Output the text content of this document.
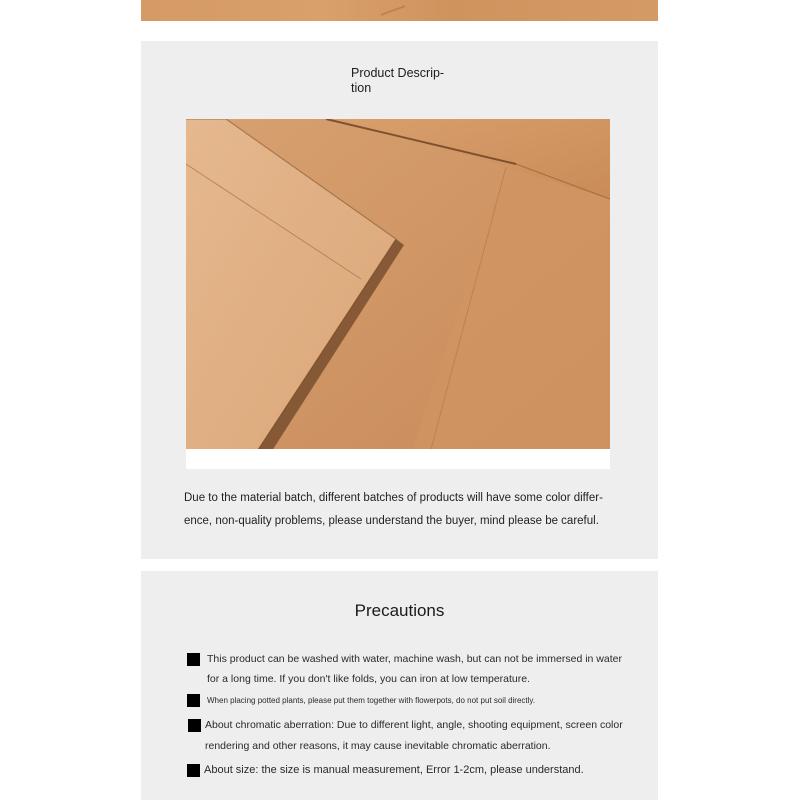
Product Descrip-
tion

Due to the material batch, different batches of products will have some color differ-ence, non-quality problems, please understand the buyer, mind please be careful.

Precautions
This product can be washed with water, machine wash, but can not be immersed in water for a long time. If you don't like folds, you can iron at low temperature.
When placing potted plants, please put them together with flowerpots, do not put soil directly.
About chromatic aberration: Due to different light, angle, shooting equipment, screen color rendering and other reasons, it may cause inevitable chromatic aberration.
About size: the size is manual measurement, Error 1-2cm, please understand.
